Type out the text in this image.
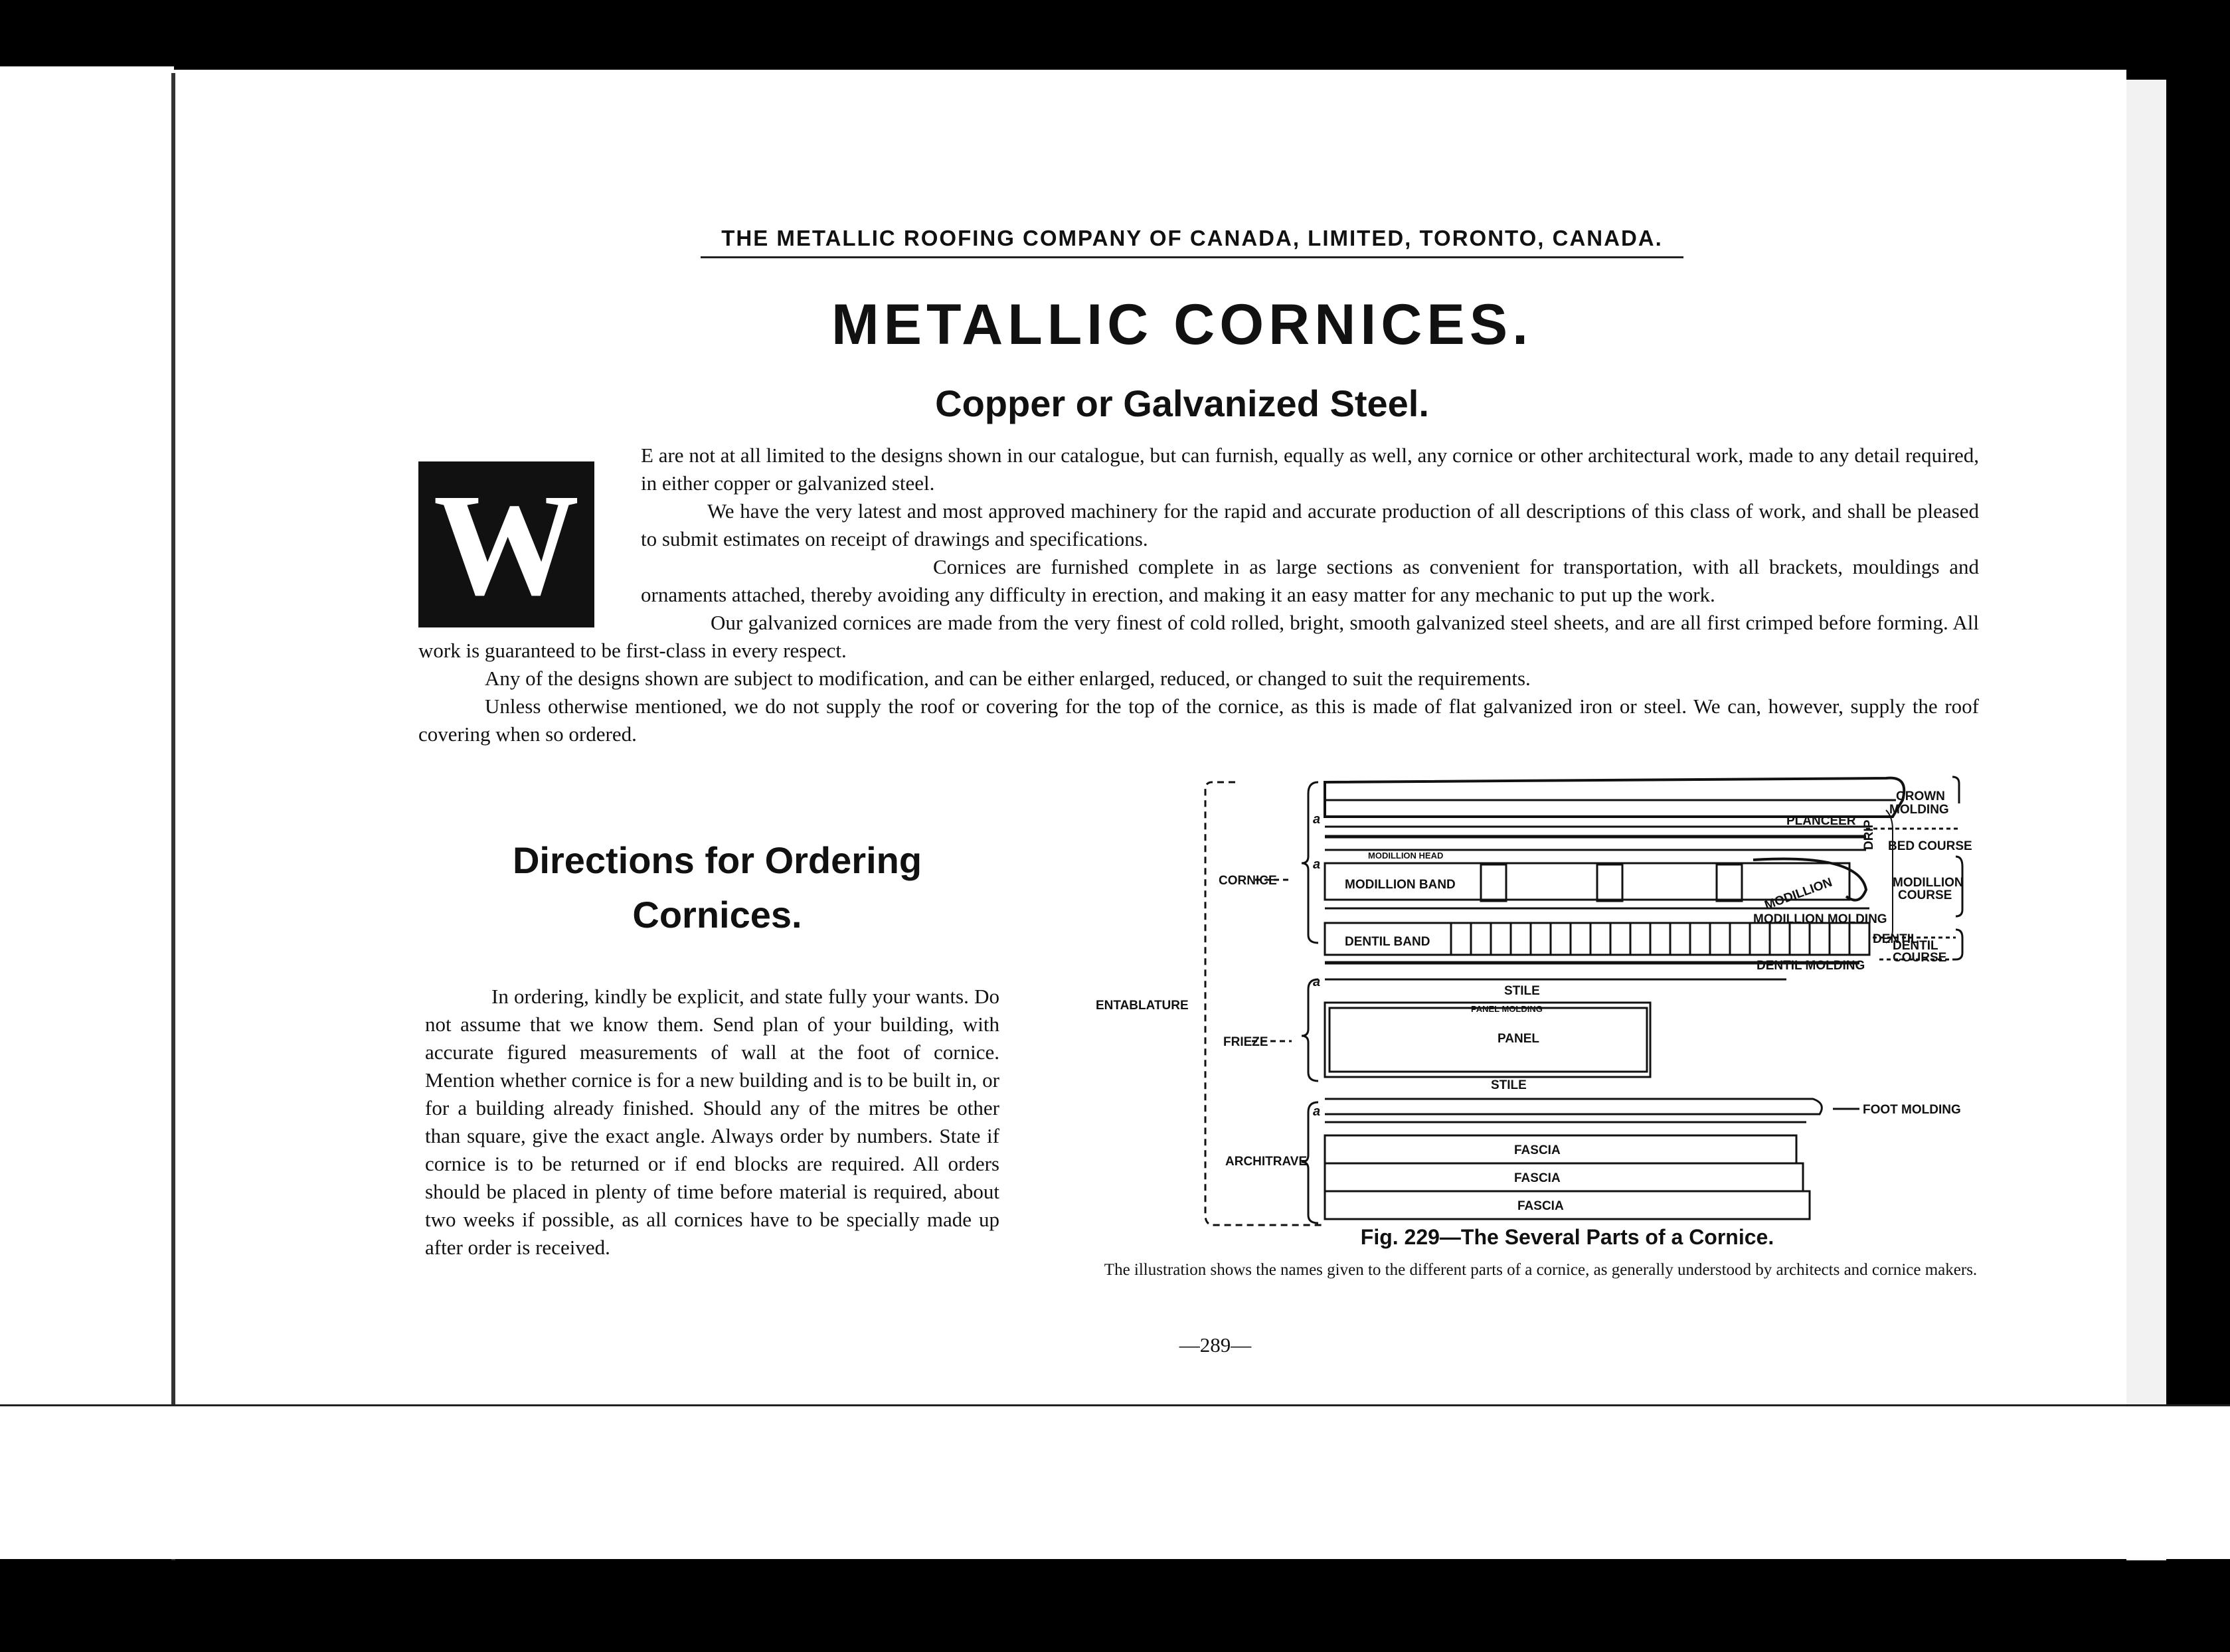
THE METALLIC ROOFING COMPANY OF CANADA, LIMITED, TORONTO, CANADA.
METALLIC CORNICES.
Copper or Galvanized Steel.
W

E are not at all limited to the designs shown in our catalogue, but can furnish, equally as well, any cornice or other architectural work, made to any detail required, in either copper or galvanized steel.

We have the very latest and most approved machinery for the rapid and accurate production of all descriptions of this class of work, and shall be pleased to submit estimates on receipt of drawings and specifications.

Cornices are furnished complete in as large sections as convenient for transportation, with all brackets, mouldings and ornaments attached, thereby avoiding any difficulty in erection, and making it an easy matter for any mechanic to put up the work.

Our galvanized cornices are made from the very finest of cold rolled, bright, smooth galvanized steel sheets, and are all first crimped before forming. All work is guaranteed to be first-class in every respect.

Any of the designs shown are subject to modification, and can be either enlarged, reduced, or changed to suit the requirements.

Unless otherwise mentioned, we do not supply the roof or covering for the top of the cornice, as this is made of flat galvanized iron or steel. We can, however, supply the roof covering when so ordered.

Directions for Ordering
Cornices.
In ordering, kindly be explicit, and state fully your wants. Do not assume that we know them. Send plan of your building, with accurate figured measurements of wall at the foot of cornice. Mention whether cornice is for a new building and is to be built in, or for a building already finished. Should any of the mitres be other than square, give the exact angle. Always order by numbers. State if cornice is to be returned or if end blocks are required. All orders should be placed in plenty of time before material is required, about two weeks if possible, as all cornices have to be specially made up after order is received.
ENTABLATURE
CORNICE
FRIEZE
ARCHITRAVE
CROWN
MOLDING
PLANCEER
BED COURSE
DRIP
MODILLION HEAD
MODILLION BAND	MODILLION
MODILLION MOLDING
MODILLION
COURSE
DENTIL
DENTIL BAND
DENTIL MOLDING
DENTIL
COURSE
STILE
PANEL MOLDING
PANEL
STILE
FOOT MOLDING
FASCIA
FASCIA
FASCIA
a
a
a
a
Fig. 229—The Several Parts of a Cornice.
The illustration shows the names given to the different parts of a cornice, as generally understood by architects and cornice makers.
—289—
